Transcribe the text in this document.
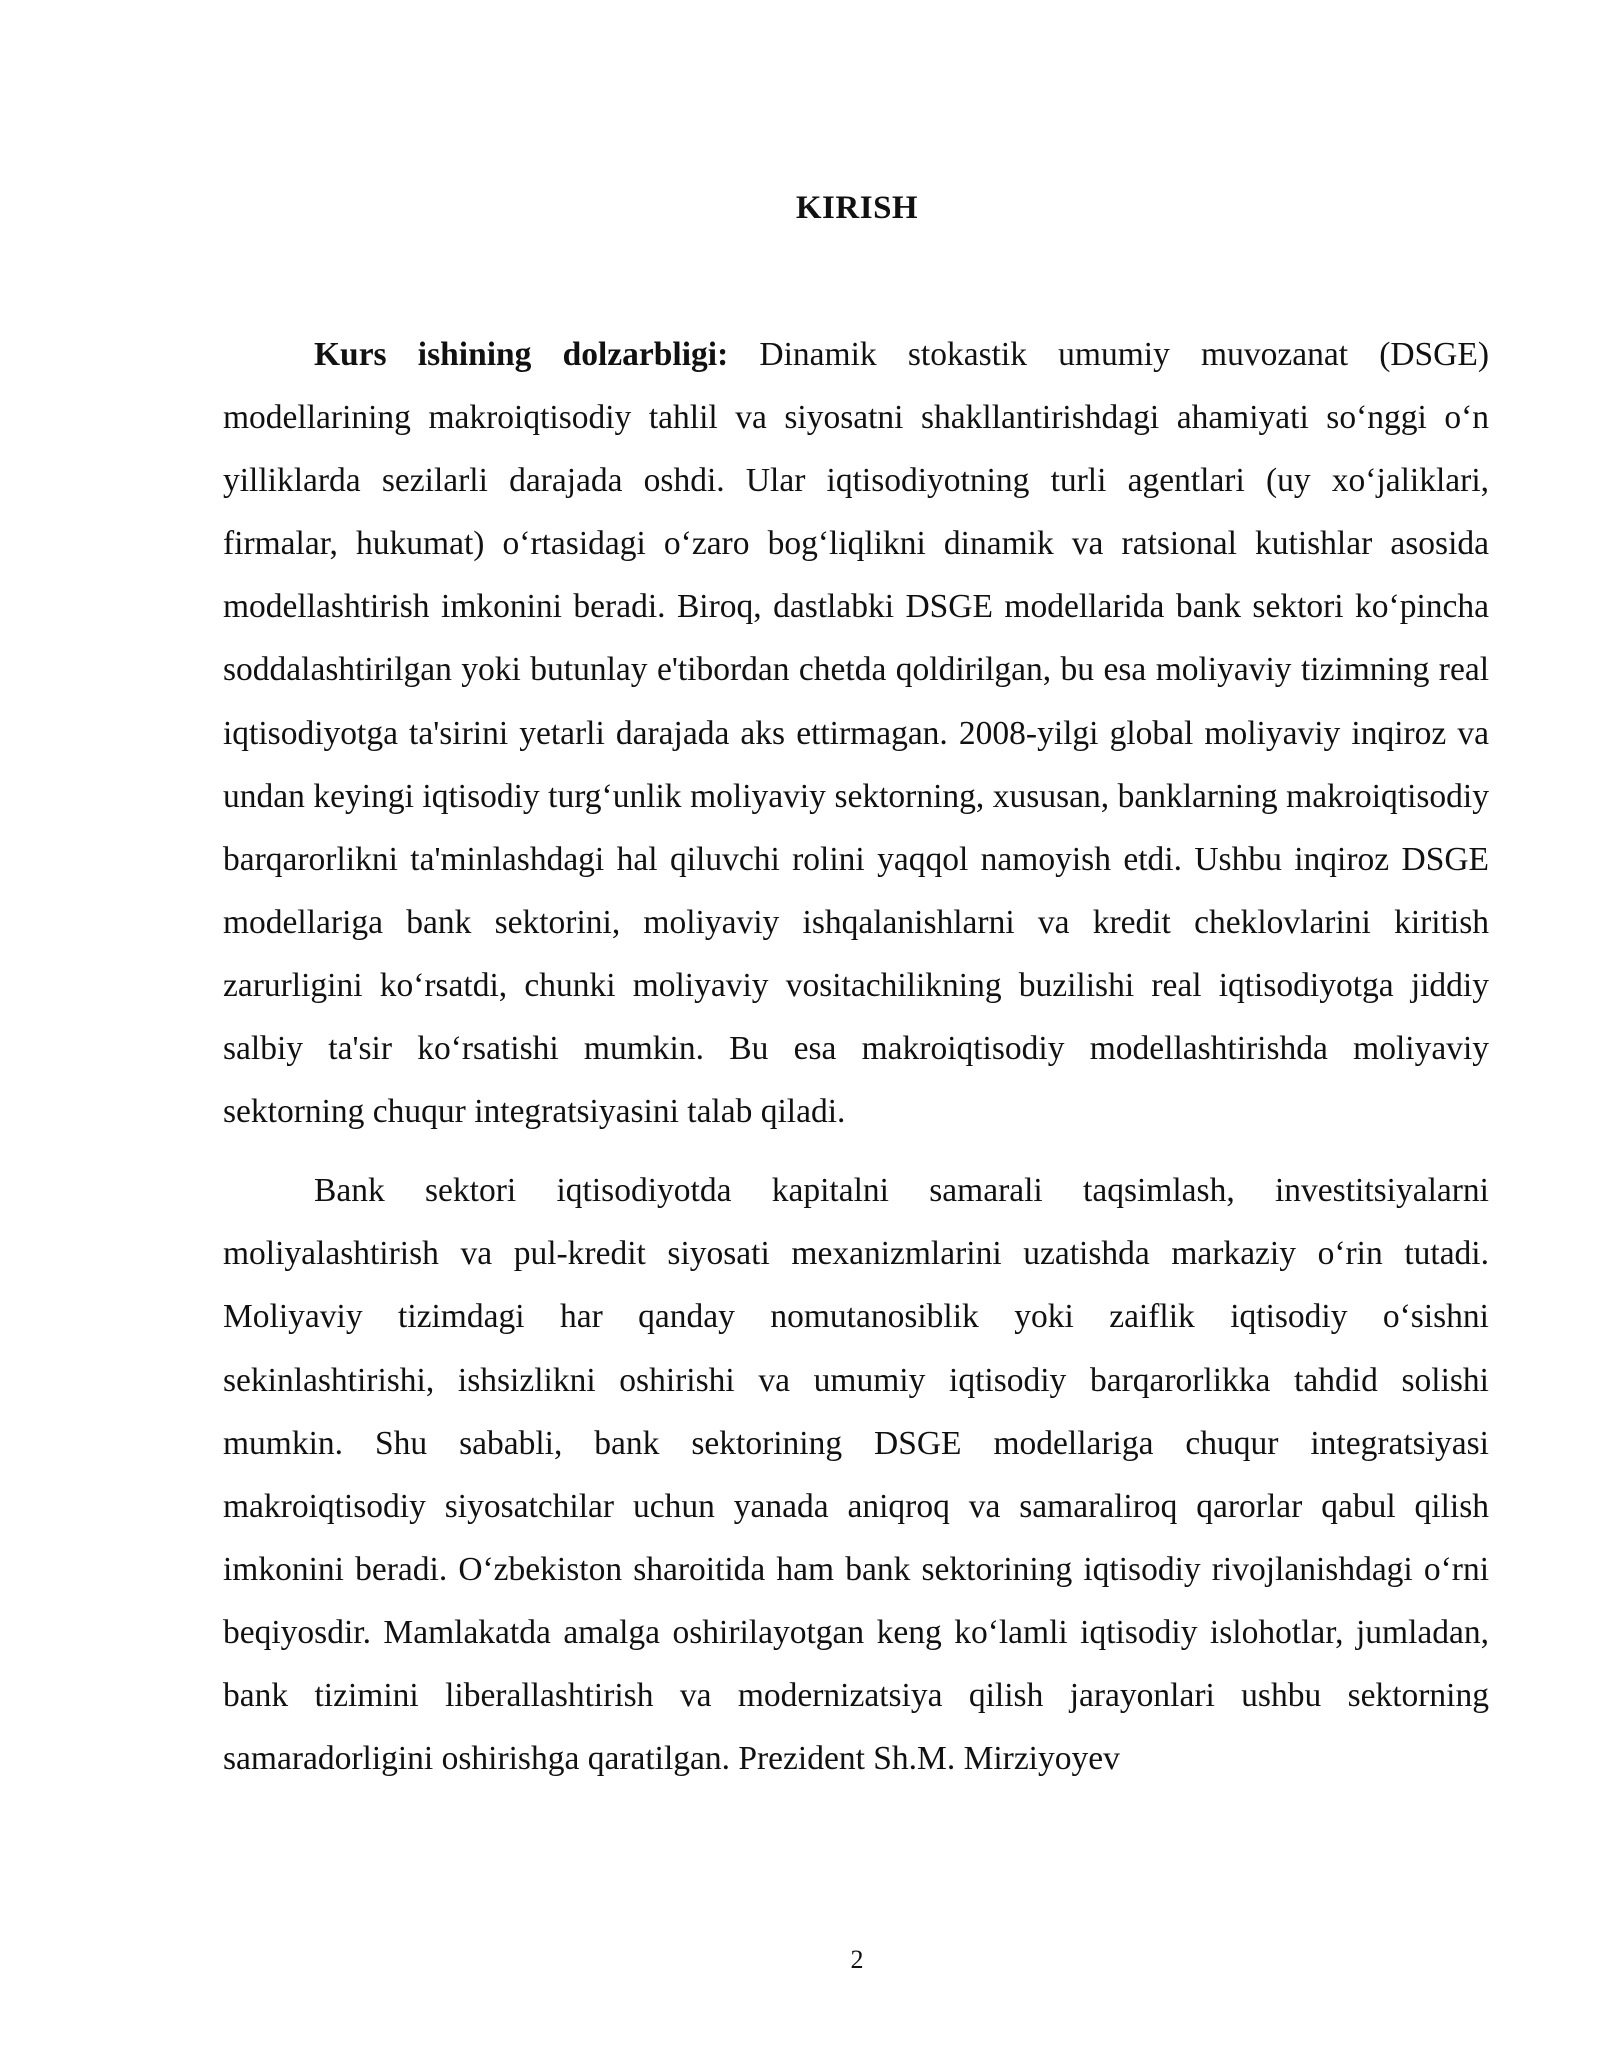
KIRISH

Kurs ishining dolzarbligi: Dinamik stokastik umumiy muvozanat (DSGE) modellarining makroiqtisodiy tahlil va siyosatni shakllantirishdagi ahamiyati so‘nggi o‘n yilliklarda sezilarli darajada oshdi. Ular iqtisodiyotning turli agentlari (uy xo‘jaliklari, firmalar, hukumat) o‘rtasidagi o‘zaro bog‘liqlikni dinamik va ratsional kutishlar asosida modellashtirish imkonini beradi. Biroq, dastlabki DSGE modellarida bank sektori ko‘pincha soddalashtirilgan yoki butunlay e'tibordan chetda qoldirilgan, bu esa moliyaviy tizimning real iqtisodiyotga ta'sirini yetarli darajada aks ettirmagan. 2008-yilgi global moliyaviy inqiroz va undan keyingi iqtisodiy turg‘unlik moliyaviy sektorning, xususan, banklarning makroiqtisodiy barqarorlikni ta'minlashdagi hal qiluvchi rolini yaqqol namoyish etdi. Ushbu inqiroz DSGE modellariga bank sektorini, moliyaviy ishqalanishlarni va kredit cheklovlarini kiritish zarurligini ko‘rsatdi, chunki moliyaviy vositachilikning buzilishi real iqtisodiyotga jiddiy salbiy ta'sir ko‘rsatishi mumkin. Bu esa makroiqtisodiy modellashtirishda moliyaviy sektorning chuqur integratsiyasini talab qiladi.

Bank sektori iqtisodiyotda kapitalni samarali taqsimlash, investitsiyalarni moliyalashtirish va pul-kredit siyosati mexanizmlarini uzatishda markaziy o‘rin tutadi. Moliyaviy tizimdagi har qanday nomutanosiblik yoki zaiflik iqtisodiy o‘sishni sekinlashtirishi, ishsizlikni oshirishi va umumiy iqtisodiy barqarorlikka tahdid solishi mumkin. Shu sababli, bank sektorining DSGE modellariga chuqur integratsiyasi makroiqtisodiy siyosatchilar uchun yanada aniqroq va samaraliroq qarorlar qabul qilish imkonini beradi. O‘zbekiston sharoitida ham bank sektorining iqtisodiy rivojlanishdagi o‘rni beqiyosdir. Mamlakatda amalga oshirilayotgan keng ko‘lamli iqtisodiy islohotlar, jumladan, bank tizimini liberallashtirish va modernizatsiya qilish jarayonlari ushbu sektorning samaradorligini oshirishga qaratilgan. Prezident Sh.M. Mirziyoyev

2
